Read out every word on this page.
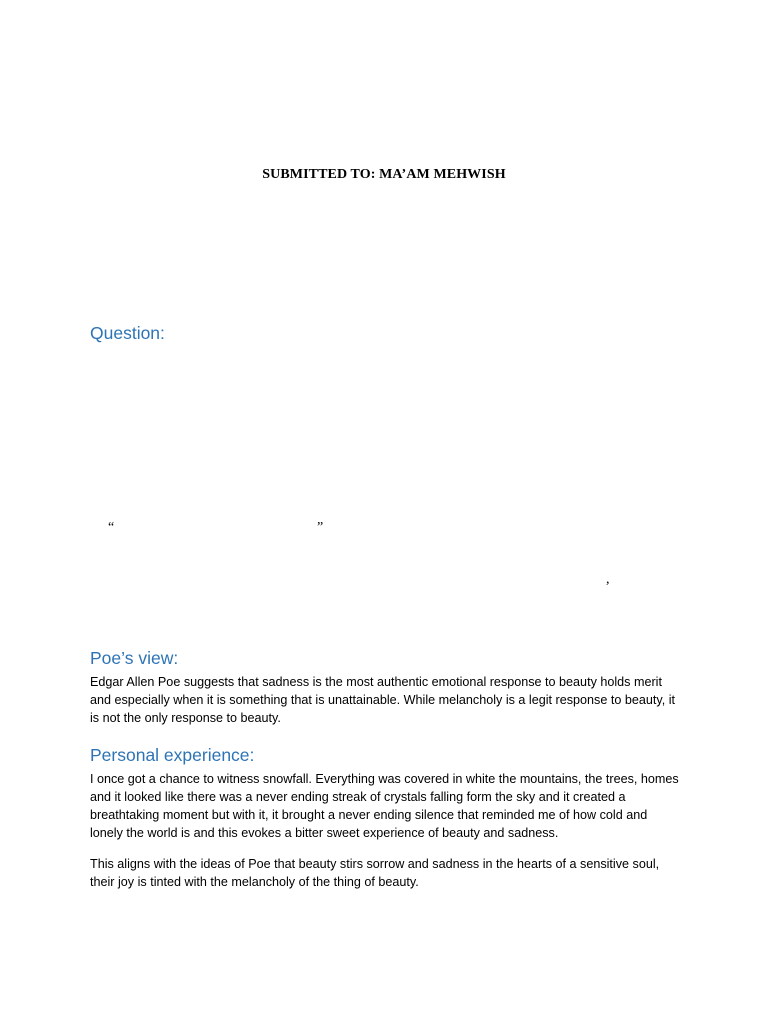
SUBMITTED TO: MA’AM MEHWISH
Question:
“	”
,
Poe’s view:

Edgar Allen Poe suggests that sadness is the most authentic emotional response to beauty holds merit and especially when it is something that is unattainable. While melancholy is a legit response to beauty, it is not the only response to beauty.

Personal experience:

I once got a chance to witness snowfall. Everything was covered in white the mountains, the trees, homes and it looked like there was a never ending streak of crystals falling form the sky and it created a breathtaking moment but with it, it brought a never ending silence that reminded me of how cold and lonely the world is and this evokes a bitter sweet experience of beauty and sadness.

This aligns with the ideas of Poe that beauty stirs sorrow and sadness in the hearts of a sensitive soul, their joy is tinted with the melancholy of the thing of beauty.
